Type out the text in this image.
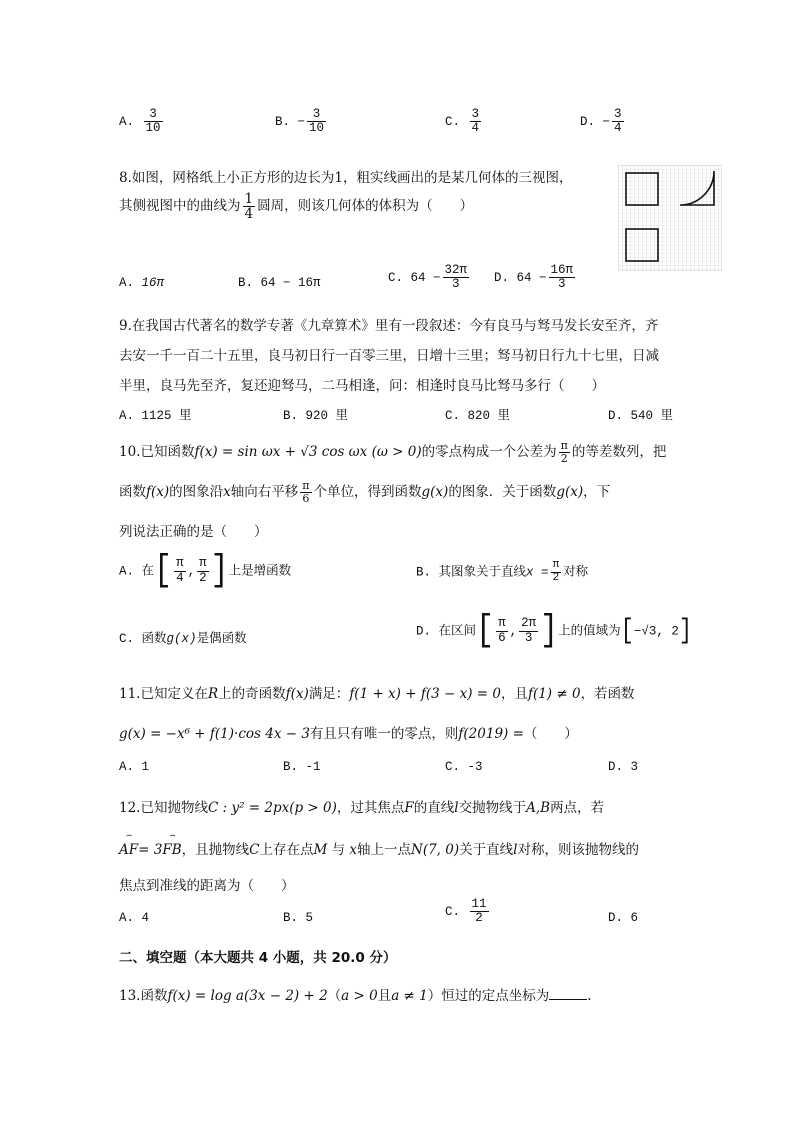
A. $\frac{3}{10}$	B. − $\frac{3}{10}$	C. $\frac{3}{4}$	D. − $\frac{3}{4}$
8.如图，网格纸上小正方形的边长为1，粗实线画出的是某几何体的三视图，
其侧视图中的曲线为 $\frac{1}{4}$ 圆周，则该几何体的体积为（　　）
A. 16π	B. 64 − 16π	C. $64 - \frac{32\pi}{3} D$. $64 - \frac{16\pi}{3}$
9.在我国古代著名的数学专著《九章算术》里有一段叙述：今有良马与驽马发长安至齐，齐
去安一千一百二十五里，良马初日行一百零三里，日增十三里；驽马初日行九十七里，日减
半里，良马先至齐，复还迎驽马，二马相逢，问：相逢时良马比驽马多行（　　）
A. 1125 里	B. 920 里	C. 820 里	D. 540 里
10.已知函数f(x) = sin ωx + √3 cos ωx (ω > 0)的零点构成一个公差为 $\frac{\pi}{2}$ 的等差数列，把
函数f(x)的图象沿x轴向右平移 $\frac{\pi}{6}$ 个单位，得到函数g(x)的图象．关于函数g(x)，下
列说法正确的是（　　）
A. 在[ $\frac{\pi}{4}$ , $\frac{\pi}{2}$ ]上是增函数	B. 其图象关于直线$x = \frac{\pi}{2}$ 对称
C. 函数g(x)是偶函数
D. 在区间[ $\frac{\pi}{6}$ , $\frac{2\pi}{3}$ ]上的值域为[−√3, 2]
11.已知定义在R上的奇函数f(x)满足：f(1 + x) + f(3 − x) = 0，且f(1) ≠ 0，若函数
g(x) = −x⁶ + f(1)·cos 4x − 3有且只有唯一的零点，则f(2019) =（　　）
A. 1	B. -1	C. -3	D. 3
12.已知抛物线C : y² = 2px(p > 0)，过其焦点F的直线l交抛物线于A,B两点，若
⌢ AF= 3⌢ FB，且抛物线C上存在点M 与 x轴上一点N(7, 0)关于直线l对称，则该抛物线的
焦点到准线的距离为（　　）
A. 4	B. 5	C. $\frac{11}{2}$	D. 6
二、填空题（本大题共 4 小题，共 20.0 分）
13.函数f(x) = log a(3x − 2) + 2（a > 0且a ≠ 1）恒过的定点坐标为	.
